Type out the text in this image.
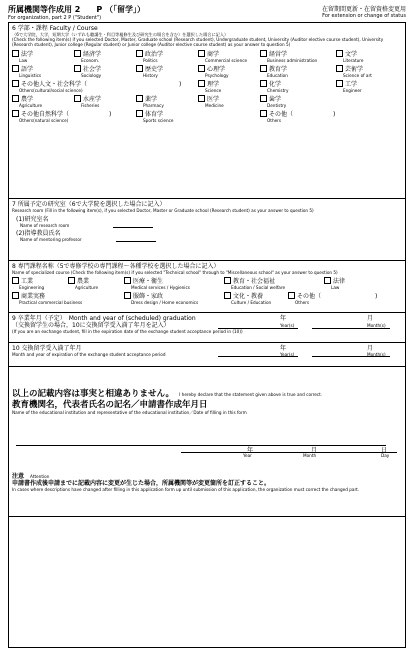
所属機関等作成用 2　　P （「留学」）
For organization, part 2 P ("Student")
在留期間更新・在留資格変更用
For extension or change of status
6 学部・課程 Faculty / Course
（6で大学院，大学，短期大学（いずれも聴講生・科目等履修生及び研究生の場合を含む）を選択した場合に記入）
(Check the following item(s) if you selected Doctor, Master, Graduate school (Research student), Undergraduate student, University (Auditor elective course student), University (Research student), Junior college (Regular student) or Junior college (Auditor elective course student) as your answer to question 5)
法学
Law
経済学
Econom.
政治学
Politics
商学
Commercial science
経営学
Business administration
文学
Literature
語学
Linguistics
社会学
Sociology
歴史学
History
心理学
Psychology
教育学
Education
芸術学
Science of art
その他人文・社会科学（	)
Others(cultural/social science)
理学
Science
化学
Chemistry
工学
Engineer
農学
Agriculture
水産学
Fisheries
薬学
Pharmacy
医学
Medicine
歯学
Dentistry
その他自然科学（	)
Others(natural science)
体育学
Sports science
その他（	)
Others
7 所属予定の研究室（6で大学院を選択した場合に記入）
Research room (Fill in the following item(s), if you selected Doctor, Master or Graduate school (Research student) as your answer to question 5)
(1)研究室名
Name of research room
(2)指導教員氏名
Name of mentoring professor
8 専門課程名称（5で専修学校の専門課程〜各種学校を選択した場合に記入）
Name of specialized course (Check the following item(s) if you selected "Technical school" through to "Miscellaneous school" as your answer to question 5)
工業
Engineering
農業
Agriculture
医療・衛生
Medical services / Hygienics
教育・社会福祉
Education / Social welfare
法律
Law
商業実務
Practical commercial business
服飾・家政
Dress design / Home economics
文化・教養
Culture / Education
その他（	)
Others
9 卒業年月（予定）　Month and year of (scheduled) graduation
（交換留学生の場合，10に交換留学受入満了年月を記入）
年	月
Year(s)	Month(s)
(If you are an exchange student, fill in the expiration date of the exchange student acceptance period in (10))
10 交換留学受入満了年月	年	月
Month and year of expiration of the exchange student acceptance period	Year(s)	Month(s)
以上の記載内容は事実と相違ありません。 I hereby declare that the statement given above is true and correct.
教育機関名，代表者氏名の記名／申請書作成年月日
Name of the educational institution and representative of the educational institution／Date of filling in this form
年	月	日
Year	Month	Day
注意　 Attention
申請書作成後申請までに記載内容に変更が生じた場合，所属機関等が変更箇所を訂正すること。
In cases where descriptions have changed after filling in this application form up until submission of this application, the organization must correct the changed part.
